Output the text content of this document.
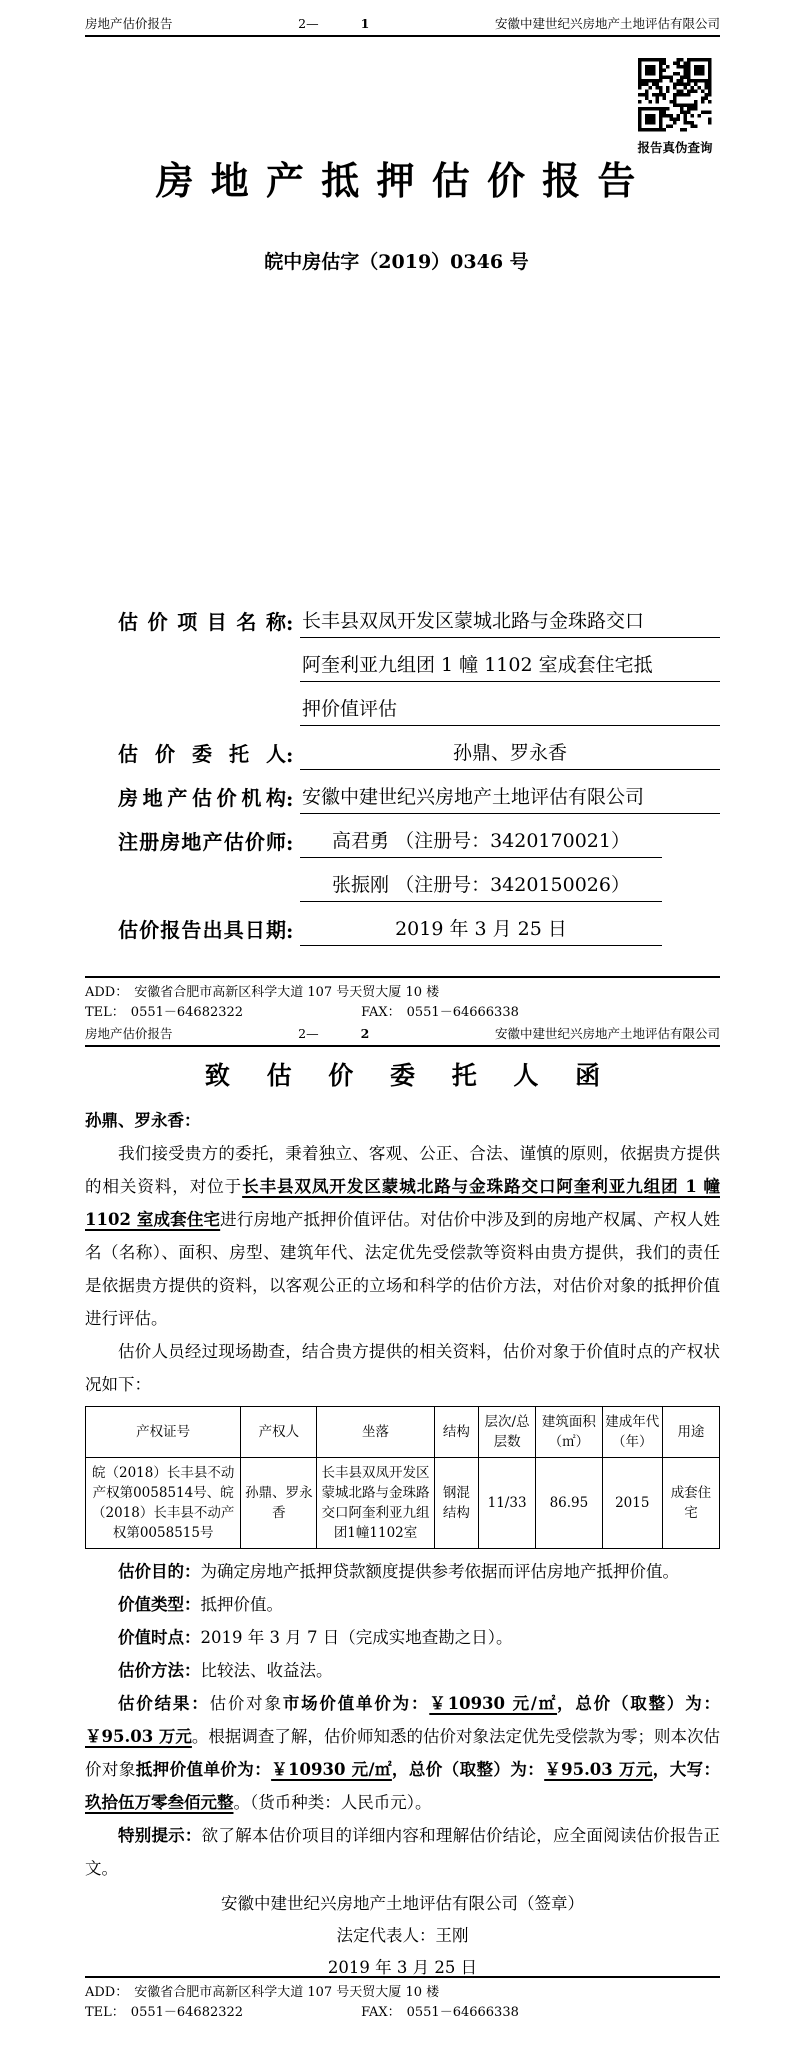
房地产估价报告	2—	1	安徽中建世纪兴房地产土地评估有限公司
报告真伪查询
房 地 产 抵 押 估 价 报 告
皖中房估字（2019）0346 号
估 价 项 目 名 称 : 长丰县双凤开发区蒙城北路与金珠路交口
阿奎利亚九组团 1 幢 1102 室成套住宅抵
押价值评估
估 价 委 托 人 :	孙鼎、罗永香
房地产估价机构 : 安徽中建世纪兴房地产土地评估有限公司
注册房地产估价师 :	高君勇 （注册号：3420170021）
张振刚 （注册号：3420150026）
估价报告出具日期 :	2019 年 3 月 25 日
ADD： 安徽省合肥市高新区科学大道 107 号天贸大厦 10 楼
TEL： 0551－64682322	FAX： 0551－64666338
房地产估价报告	2—	2	安徽中建世纪兴房地产土地评估有限公司
致 估 价 委 托 人 函
孙鼎、罗永香：
我们接受贵方的委托，秉着独立、客观、公正、合法、谨慎的原则，依据贵方提供的相关资料，对位于长丰县双凤开发区蒙城北路与金珠路交口阿奎利亚九组团 1 幢 1102 室成套住宅进行房地产抵押价值评估。对估价中涉及到的房地产权属、产权人姓名（名称）、面积、房型、建筑年代、法定优先受偿款等资料由贵方提供，我们的责任是依据贵方提供的资料，以客观公正的立场和科学的估价方法，对估价对象的抵押价值进行评估。
估价人员经过现场勘查，结合贵方提供的相关资料，估价对象于价值时点的产权状况如下：
产权证号	产权人	坐落	结构	层次/总层数	建筑面积（㎡）	建成年代（年）	用途
皖（2018）长丰县不动产权第0058514号、皖（2018）长丰县不动产权第0058515号	孙鼎、罗永香	长丰县双凤开发区蒙城北路与金珠路交口阿奎利亚九组团1幢1102室	钢混结构	11/33	86.95	2015	成套住宅
估价目的：为确定房地产抵押贷款额度提供参考依据而评估房地产抵押价值。
价值类型：抵押价值。
价值时点：2019 年 3 月 7 日（完成实地查勘之日）。
估价方法：比较法、收益法。
估价结果：估价对象市场价值单价为：￥10930 元/㎡，总价（取整）为：￥95.03 万元。根据调查了解，估价师知悉的估价对象法定优先受偿款为零；则本次估价对象抵押价值单价为：￥10930 元/㎡，总价（取整）为：￥95.03 万元，大写：玖拾伍万零叁佰元整。（货币种类：人民币元）。
特别提示：欲了解本估价项目的详细内容和理解估价结论，应全面阅读估价报告正文。
安徽中建世纪兴房地产土地评估有限公司（签章）
法定代表人：王刚
2019 年 3 月 25 日
ADD： 安徽省合肥市高新区科学大道 107 号天贸大厦 10 楼
TEL： 0551－64682322	FAX： 0551－64666338
